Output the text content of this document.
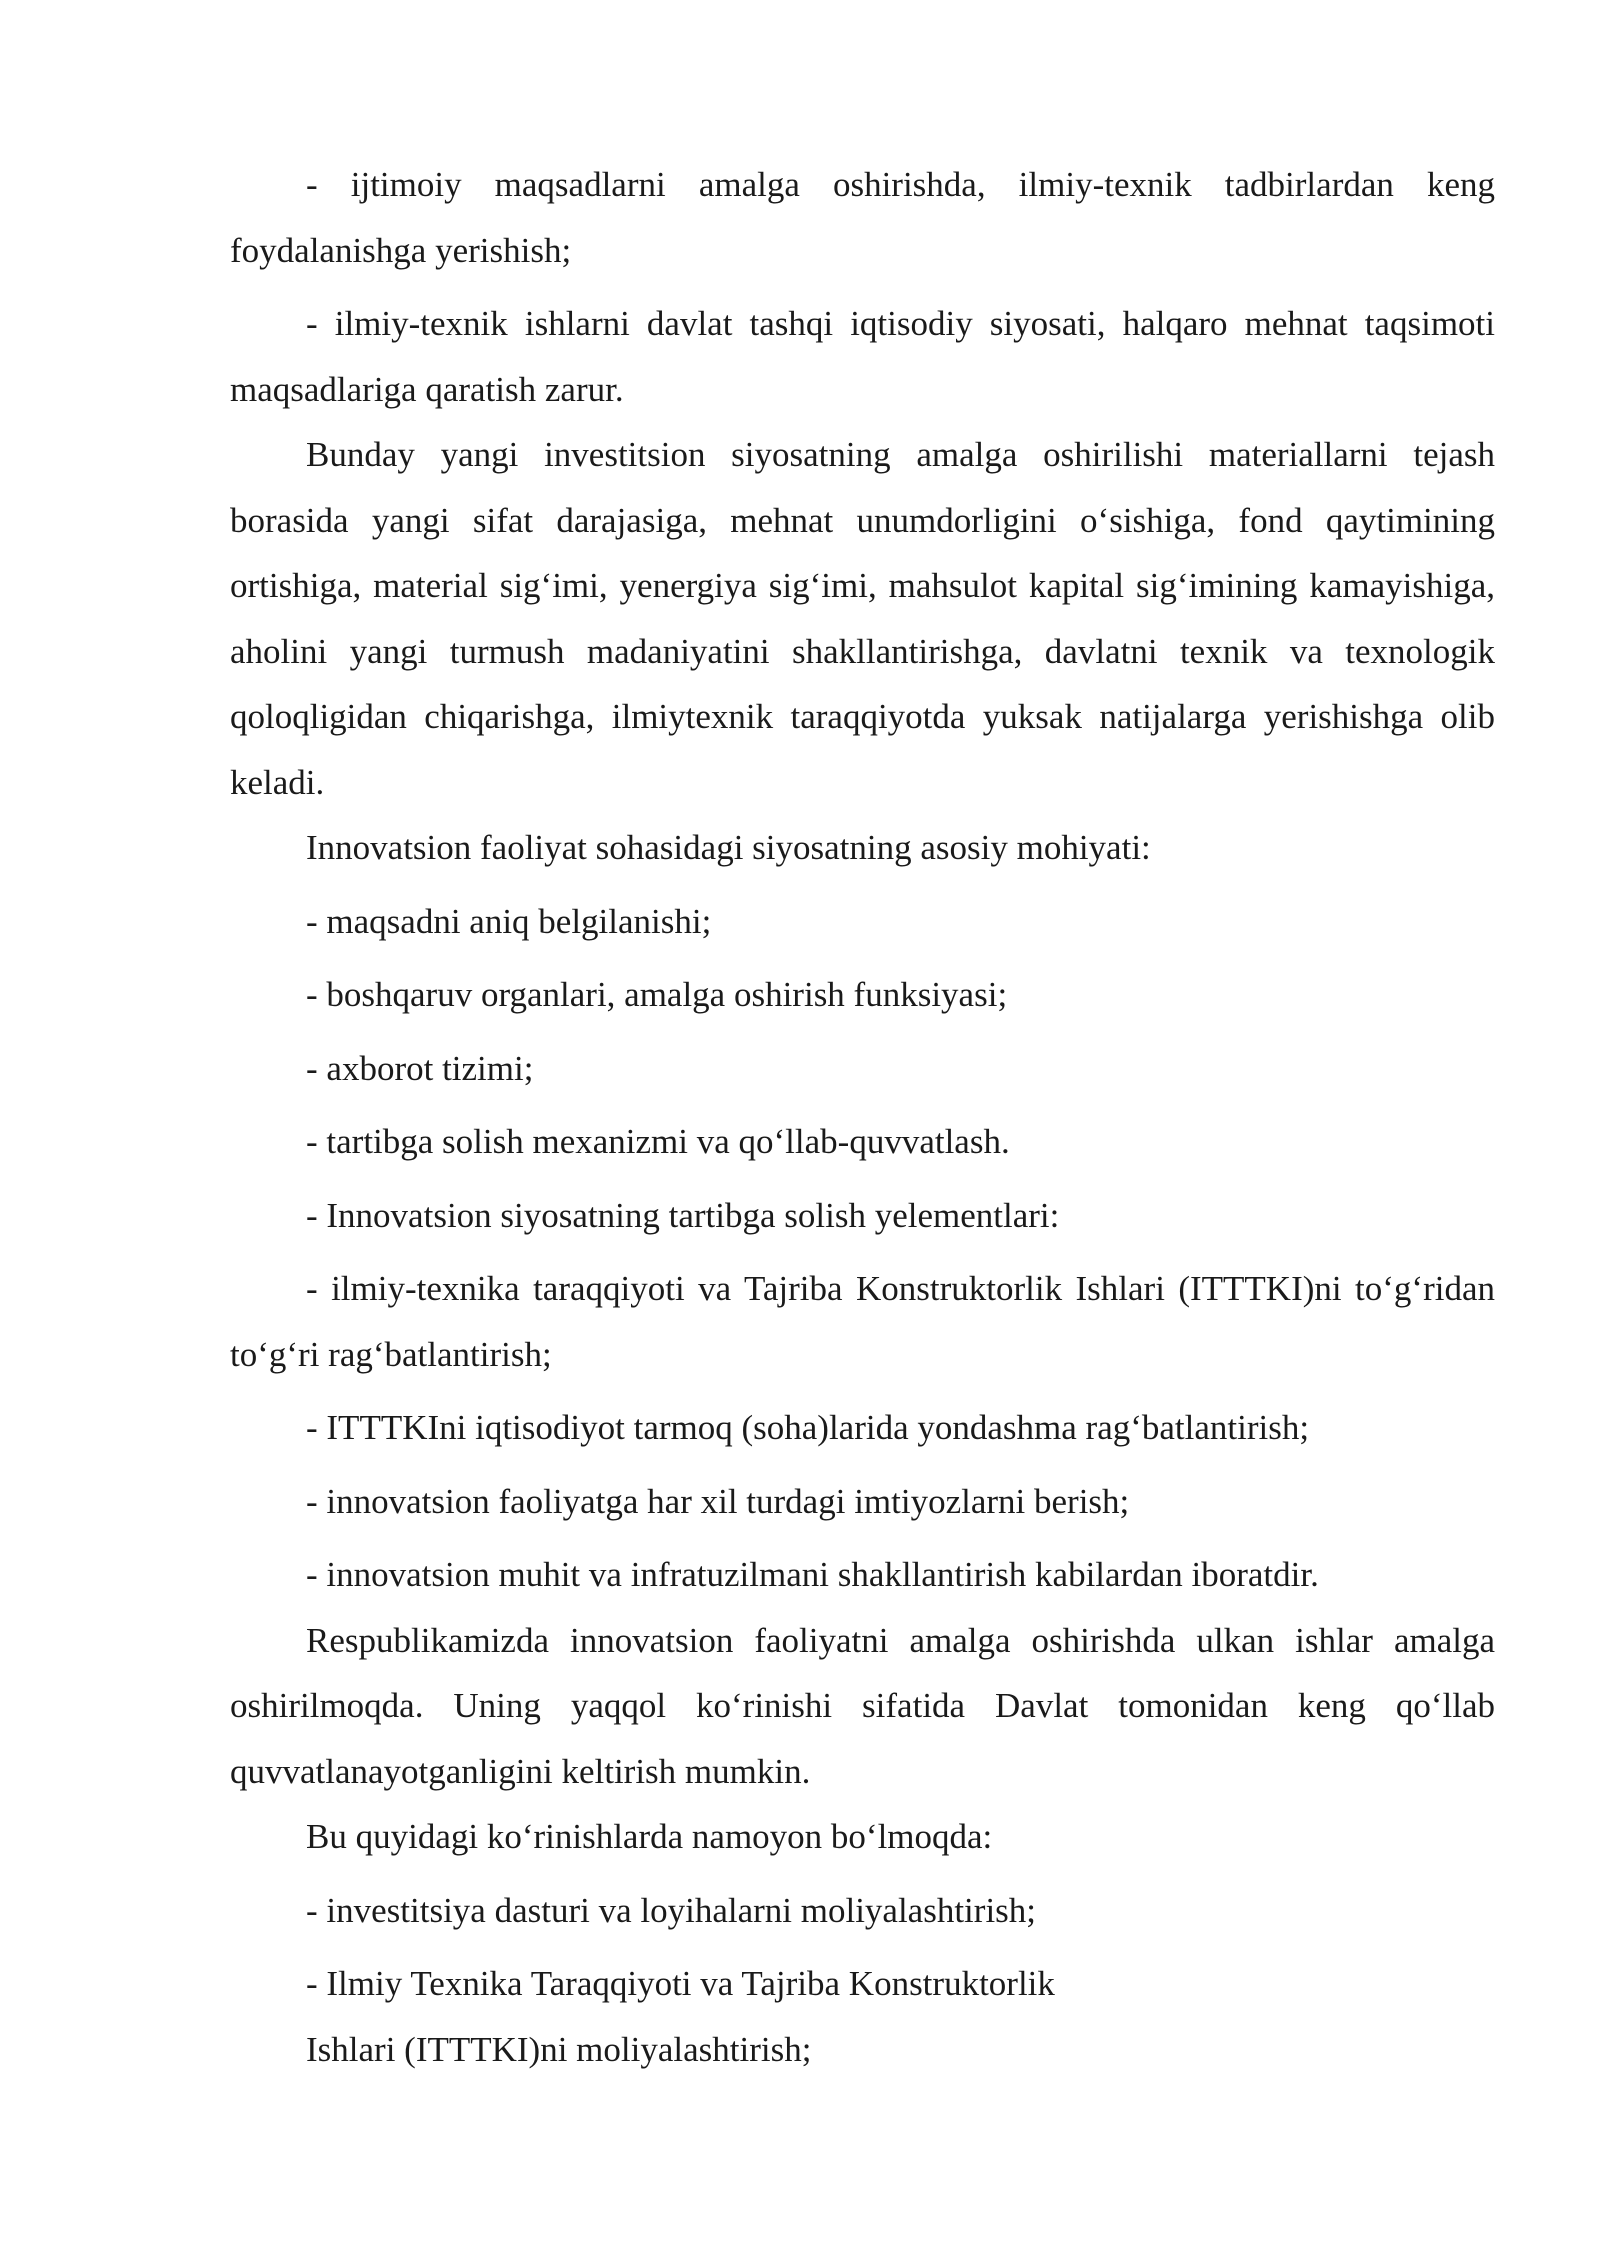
- ijtimoiy maqsadlarni amalga oshirishda, ilmiy-texnik tadbirlardan keng foydalanishga yerishish;

- ilmiy-texnik ishlarni davlat tashqi iqtisodiy siyosati, halqaro mehnat taqsimoti maqsadlariga qaratish zarur.

Bunday yangi investitsion siyosatning amalga oshirilishi materiallarni tejash borasida yangi sifat darajasiga, mehnat unumdorligini o‘sishiga, fond qaytimining ortishiga, material sig‘imi, yenergiya sig‘imi, mahsulot kapital sig‘imining kamayishiga, aholini yangi turmush madaniyatini shakllantirishga, davlatni texnik va texnologik qoloqligidan chiqarishga, ilmiytexnik taraqqiyotda yuksak natijalarga yerishishga olib keladi.

Innovatsion faoliyat sohasidagi siyosatning asosiy mohiyati:

- maqsadni aniq belgilanishi;

- boshqaruv organlari, amalga oshirish funksiyasi;

- axborot tizimi;

- tartibga solish mexanizmi va qo‘llab-quvvatlash.

- Innovatsion siyosatning tartibga solish yelementlari:

- ilmiy-texnika taraqqiyoti va Tajriba Konstruktorlik Ishlari (ITTTKI)ni to‘g‘ridan to‘g‘ri rag‘batlantirish;

- ITTTKIni iqtisodiyot tarmoq (soha)larida yondashma rag‘batlantirish;

- innovatsion faoliyatga har xil turdagi imtiyozlarni berish;

- innovatsion muhit va infratuzilmani shakllantirish kabilardan iboratdir.

Respublikamizda innovatsion faoliyatni amalga oshirishda ulkan ishlar amalga oshirilmoqda. Uning yaqqol ko‘rinishi sifatida Davlat tomonidan keng qo‘llab quvvatlanayotganligini keltirish mumkin.

Bu quyidagi ko‘rinishlarda namoyon bo‘lmoqda:

- investitsiya dasturi va loyihalarni moliyalashtirish;

- Ilmiy Texnika Taraqqiyoti va Tajriba Konstruktorlik

Ishlari (ITTTKI)ni moliyalashtirish;
